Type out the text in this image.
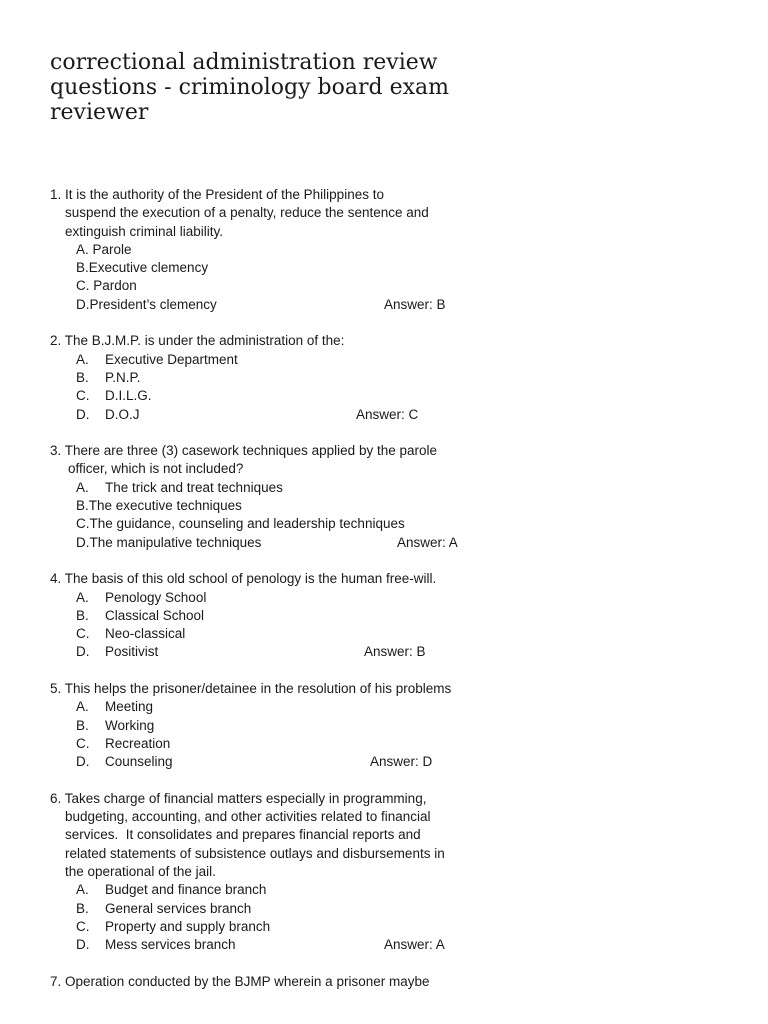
correctional administration review
questions - criminology board exam
reviewer
1. It is the authority of the President of the Philippines to
suspend the execution of a penalty, reduce the sentence and
extinguish criminal liability.
A. Parole
B.Executive clemency
C. Pardon
D.President’s clemency	Answer: B
2. The B.J.M.P. is under the administration of the:
A. Executive Department
B. P.N.P.
C. D.I.L.G.
D. D.O.J	Answer: C
3. There are three (3) casework techniques applied by the parole
officer, which is not included?
A. The trick and treat techniques
B.The executive techniques
C.The guidance, counseling and leadership techniques
D.The manipulative techniques	Answer: A
4. The basis of this old school of penology is the human free-will.
A. Penology School
B. Classical School
C. Neo-classical
D. Positivist	Answer: B
5. This helps the prisoner/detainee in the resolution of his problems
A. Meeting
B. Working
C. Recreation
D. Counseling	Answer: D
6. Takes charge of financial matters especially in programming,
budgeting, accounting, and other activities related to financial
services.  It consolidates and prepares financial reports and
related statements of subsistence outlays and disbursements in
the operational of the jail.
A. Budget and finance branch
B. General services branch
C. Property and supply branch
D. Mess services branch	Answer: A
7. Operation conducted by the BJMP wherein a prisoner maybe
